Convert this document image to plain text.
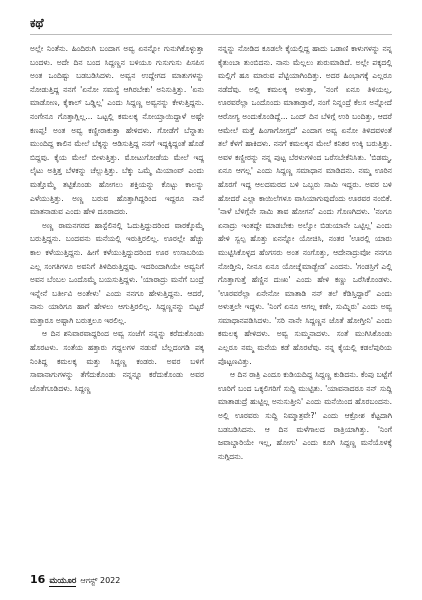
ಕಥೆ

ಅಲ್ಲೇ ನಿಂತೆನು. ಹಿಂದಿರುಗಿ ಬಂದಾಗ ಅವ್ವ ಏನನ್ನೋ ಗುನುಗಿಕೊಳ್ಳುತ್ತಾ ಬಂದಳು. ಅದೇ ದಿನ ಬಂದ ಸಿದ್ದಣ್ಣನ ಬಳಿಯೂ ಗುಸುಗುಸು ಪಿಸಪಿಸ ಅಂತ ಒಂದಿಷ್ಟು ಬಡಬಡಿಸಿದಳು. ಅವ್ವನ ಉದ್ದೇಗದ ಮಾತುಗಳನ್ನು ನೋಡುತ್ತಿದ್ದ ನನಗೆ 'ಏನೋ ಸಮಸ್ಯೆ ಆಗಿರಬೇಕು' ಅನಿಸುತ್ತಿತ್ತು. 'ಏನು ಮಾಡೋಣ, ಕೈಕಾಲ್ ಒಡ್ಡಿಲ್ಲ' ಎಂದು ಸಿದ್ದಣ್ಣ ಅವ್ವನನ್ನು ಕೇಳುತ್ತಿದ್ದನು. ನಂಗೇನೂ ಗೊತ್ತಾಗ್ಲಿಲ್ಲ... ಒಟ್ಟಲ್ಲಿ ಕಮಲಕ್ಕ ನೋಯ್ತಾಯಿದ್ದಾಳೆ ಅಷ್ಟೇ ಕಣಪ್ಪ! ಅಂತ ಅವ್ವ ಕಣ್ಣೀರಾಕುತ್ತಾ ಹೇಳಿದಳು. ಗೋಡೆಗೆ ಬೆನ್ನಾತು ಮುಂದಿದ್ದ ಕಾಲಿನ ಮೇಲೆ ಬೆಕ್ಕನ್ನು ಆಡಿಸುತ್ತಿದ್ದ ನನಗೆ ಇದ್ದಕ್ಕಿದ್ದಂತೆ ಹೊಡೆ ಬಿದ್ದವು. ಕೈಯ ಮೇಲೆ ಬೀಳುತ್ತಿತ್ತು. ಮೋಟುಗೋಡೆಯ ಮೇಲೆ ಇದ್ದ ಲೈಟು ಅತ್ತಿತ್ತ ಬೆಳಕನ್ನು ಚೆಲ್ಲುತ್ತಿತ್ತು. ಬೆಕ್ಕು ಒಮ್ಮೆ ಮಿಯಾಂವ್ ಎಂದು ಮತ್ತೊಮ್ಮೆ ತಟ್ಟಿಕೊಂಡು ಹೋಗಲು ಶಕ್ತಿಯನ್ನು ಕೊಟ್ಟು ಕಾಲನ್ನು ಎಳೆಯುತ್ತಿತ್ತು. ಅಣ್ಣ ಬರುವ ಹೊತ್ತಾಗಿದ್ದರಿಂದ ಇದ್ದರೂ ನಾನೆ ಮಾತನಾಡುವ ಎಂದು ಹೇಳಿ ದೂರಾದರು.

ಅಣ್ಣ ರಾಮನಗರದ ಹಾಸ್ಟೆಲಿನಲ್ಲಿ ಓದುತ್ತಿದ್ದುದರಿಂದ ವಾರಕ್ಕೊಮ್ಮೆ ಬರುತ್ತಿದ್ದನು. ಬಂದವನು ಮನೆಯಲ್ಲಿ ಇರುತ್ತಿರಲಿಲ್ಲ. ಊರಲ್ಲೇ ಹೆಚ್ಚು ಕಾಲ ಕಳೆಯುತ್ತಿದ್ದನು. ಹೀಗೆ ಕಳೆಯುತ್ತಿದ್ದುದರಿಂದ ಊರ ಉಸಾಬರಿಯ ಎಲ್ಲ ಸಂಗತಿಗಳೂ ಅವನಿಗೆ ತಿಳಿದಿರುತ್ತಿದ್ದವು. ಇದರಿಂದಾಗಿಯೇ ಅವ್ವನಿಗೆ ಅವನ ಬೆಂಬಲ ಒಂದೊಮ್ಮೆ ಬಯಸುತ್ತಿದ್ದಳು. 'ಯಾರಾದ್ರು ಮನೆಗೆ ಬಂದ್ರೆ ಇನ್ನೇನೆ ಬರ್ತೀವಿ ಅಂತೇಳು' ಎಂದು ನನಗೂ ಹೇಳುತ್ತಿದ್ದನು. ಆದರೆ, ನಾನು ಯಾರಿಗೂ ಹಾಗೆ ಹೇಳಲು ಆಗುತ್ತಿರಲಿಲ್ಲ. ಸಿದ್ದಣ್ಣನನ್ನು ಬಿಟ್ಟರೆ ಮತ್ತಾರೂ ಅಷ್ಟಾಗಿ ಬರುತ್ತಲೂ ಇರಲಿಲ್ಲ.

ಆ ದಿನ ಶನಿವಾರವಾದ್ದರಿಂದ ಅವ್ವ ಸಂಜೆಗೆ ನನ್ನನ್ನು ಕರೆದುಕೊಂಡು ಹೊರಟಳು. ಸಂತೆಯ ಹತ್ತಾರು ಗದ್ದಲಗಳ ನಡುವೆ ಬೆಲ್ಲದಂಗಡಿ ಪಕ್ಕ ನಿಂತಿದ್ದ ಕಮಲಕ್ಕ ಮತ್ತು ಸಿದ್ದಣ್ಣ ಕಂಡರು. ಅವರ ಬಳಿಗೆ ಸಾವಾನಾಗುಗಳನ್ನು ತೆಗೆದುಕೊಂಡು ನನ್ನನ್ನೂ ಕರೆದುಕೊಂಡು ಅವರ ಜೊತೆಗೂಡಿದಳು. ಸಿದ್ದಣ್ಣ

ನನ್ನನ್ನು ನೋಡಿದ ಕೂಡಲೇ ಕೈಯಲ್ಲಿದ್ದ ಹಾದು ಒಡಾಣಿ ಕಾಳುಗಳನ್ನು ನನ್ನ ಕೈತುಂಬಾ ತುಂಬಿದನು. ನಾನು ಮೆಲ್ಲಲು ಶುರುಮಾಡಿದೆ. ಅಲ್ಲೇ ಪಕ್ಕದಲ್ಲಿ ಮಲ್ಲಿಗೆ ಹೂ ಮಾರುವ ಪೆಟ್ಟಿಯಾಗಿಂದಿತ್ತು. ಅದರ ಹಿಂಭಾಗಕ್ಕೆ ಎಲ್ಲರೂ ನಡೆದೆವು. ಅಲ್ಲಿ ಕಮಲಕ್ಕ ಅಳುತ್ತಾ, 'ನಂಗೆ ಏನೂ ತಿಳಿಯಲ್ಲ, ಊರವರೆಲ್ಲಾ ಒಂದೊಂದು ಮಾತಾಡ್ತಾರೆ, ನಂಗೆ ನಿನ್ನಂದ್ರೆ ಕೆಲಸ ಅನ್ನೋದೆ ಆರೋಗ್ಯ ಅಂದುಕೊಂಡಿದ್ದೆ... ಒಂದ್ ದಿನ ಬೆಳಿಗ್ಗೆ ಉರಿ ಬಂದಿತ್ತು, ಆದರೆ ಆಮೇಲೆ ಮತ್ತೆ ಹಿಂಗಾಗೋಗ್ತದೆ' ಎಂದಾಗ ಅವ್ವ ಏನೋ ತಿಳಿದವಳಂತೆ ತಲೆ ಕೆಳಗೆ ಹಾಕಿದಳು. ನನಗೆ ಕಮಲಕ್ಕನ ಮೇಲೆ ಕನಿಕರ ಉಕ್ಕಿ ಬರುತ್ತಿತ್ತು. ಅವಳ ಕಣ್ಣೀರನ್ನು ನನ್ನ ಪುಟ್ಟ ಬೆರಳುಗಳಿಂದ ಒರೆಸಬೇಕೆನಿಸಿತು. 'ಬಿಡಮ್ಮ, ಏನೂ ಆಗಲ್ಲ' ಎಂದು ಸಿದ್ದಣ್ಣ ಸಮಾಧಾನ ಮಾಡಿದನು. ನಮ್ಮ ಊರಿನ ಹೊರಗೆ ಇದ್ದ ಆಲದಮರದ ಬಳಿ ಒಬ್ಬರು ಸಾಮಿ ಇದ್ದರು. ಅವರ ಬಳಿ ಹೋದರೆ ಎಲ್ಲಾ ಕಾಯಿಲೆಗಳೂ ವಾಸಿಯಾಗುವುದೆಂದು ಊರವರ ನಂಬಿಕೆ. 'ನಾಳೆ ಬೆಳಿಗ್ಗೆನೇ ಸಾಮಿ ತಾವ ಹೋಗನ' ಎಂದು ಗೊಣಗಿದಳು. 'ನಂಗೂ ಏನಾದ್ರು ಇಂತದ್ದೇ ಮಾಡಬೇಕು ಅಲ್ವೋ ಬಿಡುಯಾನೇ ಒಟ್ಟಿಲ್ಲ' ಎಂದು ಹೇಳಿ ಸ್ವಲ್ಪ ಹೊತ್ತು ಏನನ್ನೋ ಯೋಚಿಸಿ, ನಂತರ 'ಊರಲ್ಲಿ ಯಾರು ಮುಟ್ಟಿಸಿಕೊಳ್ಳದ ಹೆಂಗಸರು ಅಂತ ನಂಗೊತ್ತು, ಆದೇನಾದ್ರುವೋ ನನಗೂ ನೋಡ್ತೀನಿ, ನೀನೂ ಏನೂ ಯೋಚ್ನೆಮಾಡ್ಬೇಡ' ಎಂದನು. 'ಗಂಡಸ್ರಿಗೆ ಎಲ್ಲಿ ಗೊತ್ತಾಗುತ್ತೆ ಹೆಣ್ಣಿನ ದುಃಖ' ಎಂದು ಹೇಳಿ ಕಣ್ಣು ಒರೆಸಿಕೊಂಡಳು. 'ಊರವರೆಲ್ಲಾ ಏನೇನೋ ಮಾತಾಡಿ ನನ್ ತಲೆ ಕೆಡಿಸ್ತಿದ್ದಾರೆ' ಎಂದು ಅಳುತ್ತಲೇ ಇದ್ದಳು. 'ನಿಂಗೆ ಏನೂ ಆಗಲ್ಲ ಕಣೇ, ಸುಮ್ನಿರು' ಎಂದು ಅವ್ವ ಸಮಾಧಾನಪಡಿಸಿದಳು. 'ಸರಿ ನಾನೇ ಸಿದ್ದಣ್ಣನ ಜೊತೆ ಹೋಗ್ತೀನಿ' ಎಂದು ಕಮಲಕ್ಕ ಹೇಳಿದಳು. ಅವ್ವ ಸುಮ್ಮನಾದಳು. ಸಂತೆ ಮುಗಿಸಿಕೊಂಡು ಎಲ್ಲರೂ ನಮ್ಮ ಮನೆಯ ಕಡೆ ಹೊರಟೆವು. ನನ್ನ ಕೈಯಲ್ಲಿ ಕಡಲೆಪುರಿಯ ಪೊಟ್ಟಣವಿತ್ತು.

ಆ ದಿನ ರಾತ್ರಿ ಎಂದೂ ಕುಡಿಯದಿದ್ದ ಸಿದ್ದಣ್ಣ ಕುಡಿದನು. ಕೆಂಪು ಬಟ್ಟೆಗೆ ಊರಿಗೆ ಬಂದ ಒಕ್ಕಲಿಗರಿಗೆ ಸುದ್ದಿ ಮುಟ್ಟಿತು. 'ಯಾವನಾದರೂ ನನ್ ಸುದ್ದಿ ಮಾತಾಡುದ್ರೆ ಹುಟ್ಟಿಲ್ಲ ಅನುಸುತ್ತೀನಿ' ಎಂದು ಮನೆಯಿಂದ ಹೊರಬಂದನು. ಅಲ್ಲಿ ಊರವರು ಸುದ್ದಿ ನಿಮ್ಮಾತ್ರವೇ?' ಎಂದು ಆಕ್ರೋಶ ಕೆಟ್ಟದಾಗಿ ಬಡಬಡಿಸಿದನು. ಆ ದಿನ ಮಳೆಗಾಲದ ರಾತ್ರಿಯಾಗಿತ್ತು. 'ನಿಂಗೆ ಜವಾಬ್ದಾರಿಯೇ ಇಲ್ಲ, ಹೋಗು' ಎಂದು ಕೂಗಿ ಸಿದ್ದಣ್ಣ ಮನೆಯೊಳಕ್ಕೆ ನುಗ್ಗಿದನು.

16 ಮಯೂರ ಆಗಸ್ಟ್ 2022
